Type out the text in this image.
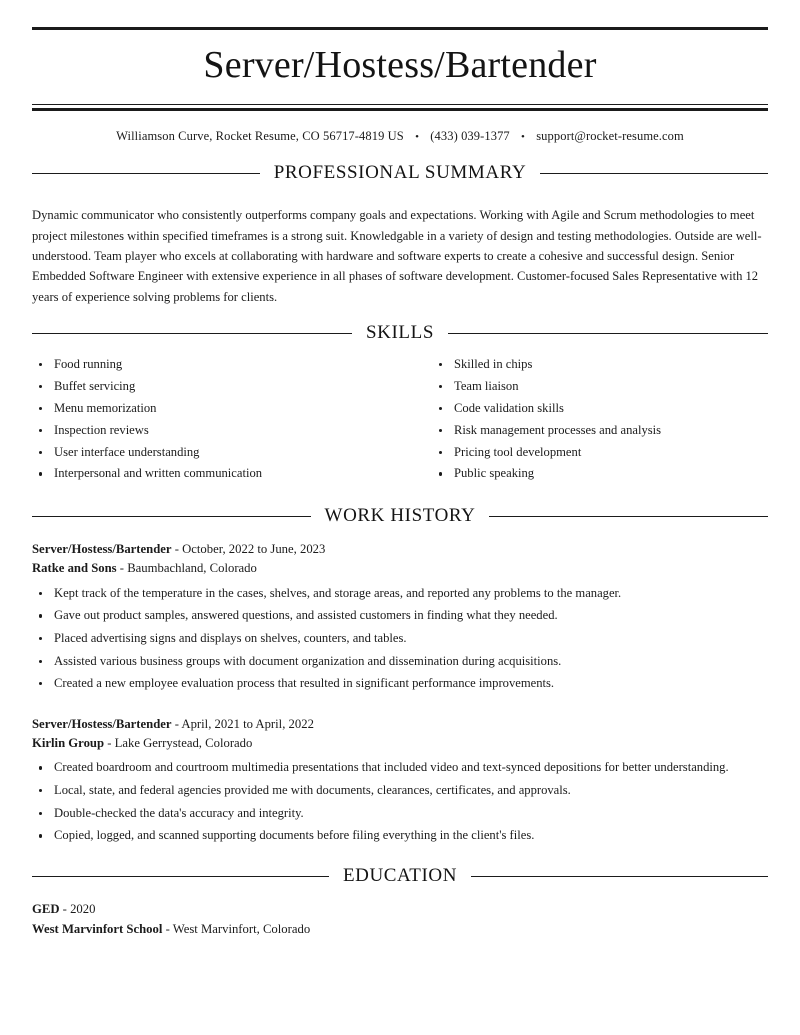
Server/Hostess/Bartender
Williamson Curve, Rocket Resume, CO 56717-4819 US • (433) 039-1377 • support@rocket-resume.com
PROFESSIONAL SUMMARY

Dynamic communicator who consistently outperforms company goals and expectations. Working with Agile and Scrum methodologies to meet project milestones within specified timeframes is a strong suit. Knowledgable in a variety of design and testing methodologies. Outside are well-understood. Team player who excels at collaborating with hardware and software experts to create a cohesive and successful design. Senior Embedded Software Engineer with extensive experience in all phases of software development. Customer-focused Sales Representative with 12 years of experience solving problems for clients.

SKILLS
Food running
Buffet servicing
Menu memorization
Inspection reviews
User interface understanding
Interpersonal and written communication
Skilled in chips
Team liaison
Code validation skills
Risk management processes and analysis
Pricing tool development
Public speaking
WORK HISTORY
Server/Hostess/Bartender - October, 2022 to June, 2023
Ratke and Sons - Baumbachland, Colorado
Kept track of the temperature in the cases, shelves, and storage areas, and reported any problems to the manager.
Gave out product samples, answered questions, and assisted customers in finding what they needed.
Placed advertising signs and displays on shelves, counters, and tables.
Assisted various business groups with document organization and dissemination during acquisitions.
Created a new employee evaluation process that resulted in significant performance improvements.
Server/Hostess/Bartender - April, 2021 to April, 2022
Kirlin Group - Lake Gerrystead, Colorado
Created boardroom and courtroom multimedia presentations that included video and text-synced depositions for better understanding.
Local, state, and federal agencies provided me with documents, clearances, certificates, and approvals.
Double-checked the data's accuracy and integrity.
Copied, logged, and scanned supporting documents before filing everything in the client's files.
EDUCATION
GED - 2020
West Marvinfort School - West Marvinfort, Colorado
